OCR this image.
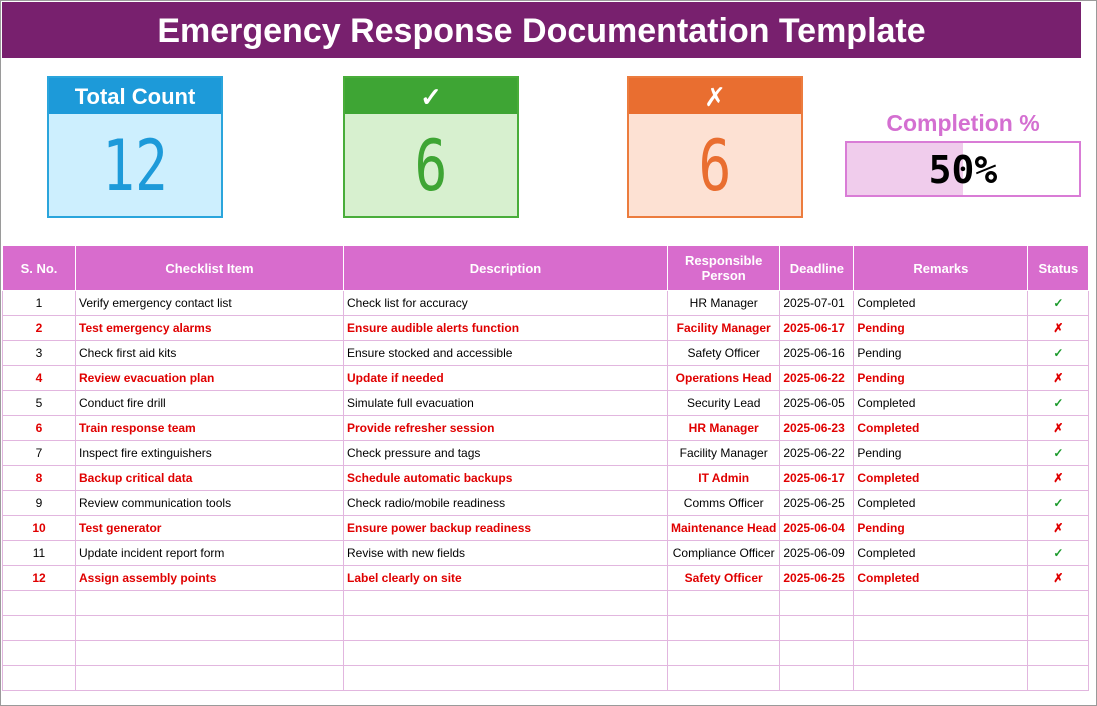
Emergency Response Documentation Template
Total Count
12
✓
6
✗
6
Completion %
50%
S. No.	Checklist Item	Description	Responsible Person	Deadline	Remarks	Status
1	Verify emergency contact list	Check list for accuracy	HR Manager	2025-07-01	Completed	✓
2	Test emergency alarms	Ensure audible alerts function	Facility Manager	2025-06-17	Pending	✗
3	Check first aid kits	Ensure stocked and accessible	Safety Officer	2025-06-16	Pending	✓
4	Review evacuation plan	Update if needed	Operations Head	2025-06-22	Pending	✗
5	Conduct fire drill	Simulate full evacuation	Security Lead	2025-06-05	Completed	✓
6	Train response team	Provide refresher session	HR Manager	2025-06-23	Completed	✗
7	Inspect fire extinguishers	Check pressure and tags	Facility Manager	2025-06-22	Pending	✓
8	Backup critical data	Schedule automatic backups	IT Admin	2025-06-17	Completed	✗
9	Review communication tools	Check radio/mobile readiness	Comms Officer	2025-06-25	Completed	✓
10	Test generator	Ensure power backup readiness	Maintenance Head	2025-06-04	Pending	✗
11	Update incident report form	Revise with new fields	Compliance Officer	2025-06-09	Completed	✓
12	Assign assembly points	Label clearly on site	Safety Officer	2025-06-25	Completed	✗
